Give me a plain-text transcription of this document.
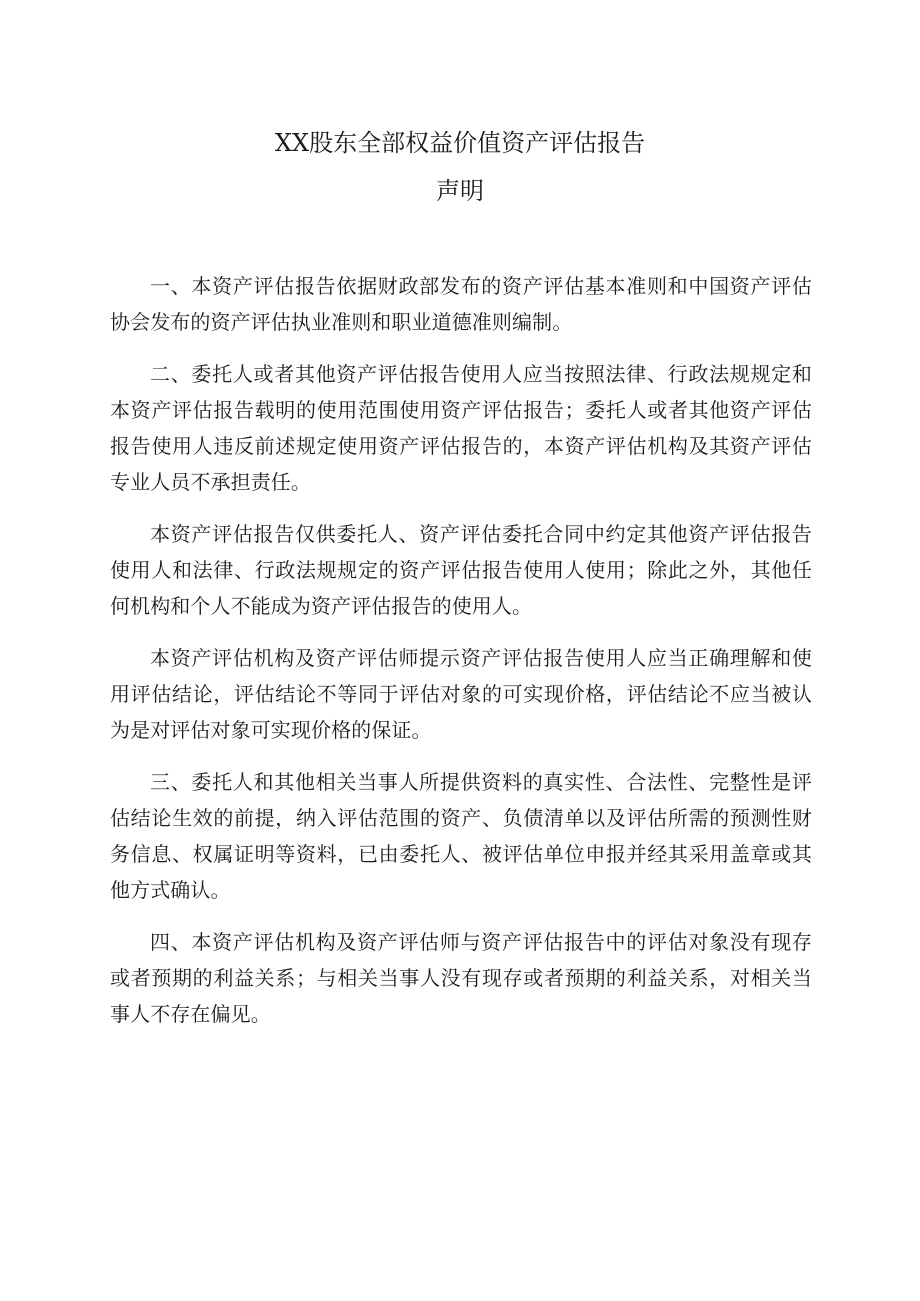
XX股东全部权益价值资产评估报告
声明

一、本资产评估报告依据财政部发布的资产评估基本准则和中国资产评估协会发布的资产评估执业准则和职业道德准则编制。

二、委托人或者其他资产评估报告使用人应当按照法律、行政法规规定和本资产评估报告载明的使用范围使用资产评估报告；委托人或者其他资产评估报告使用人违反前述规定使用资产评估报告的，本资产评估机构及其资产评估专业人员不承担责任。

本资产评估报告仅供委托人、资产评估委托合同中约定其他资产评估报告使用人和法律、行政法规规定的资产评估报告使用人使用；除此之外，其他任何机构和个人不能成为资产评估报告的使用人。

本资产评估机构及资产评估师提示资产评估报告使用人应当正确理解和使用评估结论，评估结论不等同于评估对象的可实现价格，评估结论不应当被认为是对评估对象可实现价格的保证。

三、委托人和其他相关当事人所提供资料的真实性、合法性、完整性是评估结论生效的前提，纳入评估范围的资产、负债清单以及评估所需的预测性财务信息、权属证明等资料，已由委托人、被评估单位申报并经其采用盖章或其他方式确认。

四、本资产评估机构及资产评估师与资产评估报告中的评估对象没有现存或者预期的利益关系；与相关当事人没有现存或者预期的利益关系，对相关当事人不存在偏见。
